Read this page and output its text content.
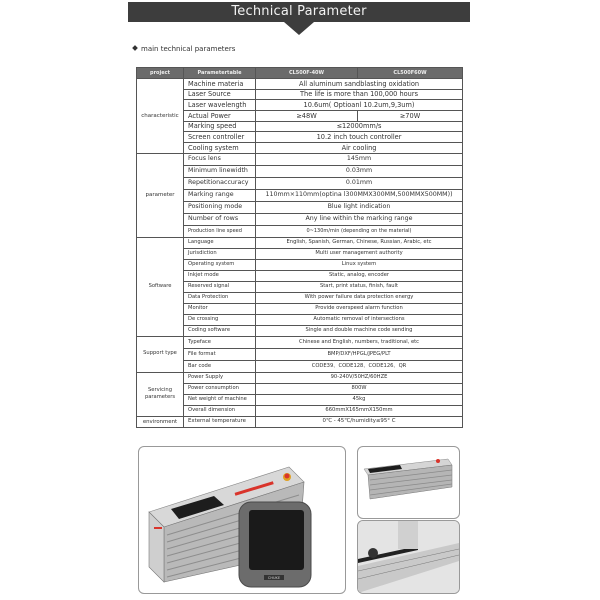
Technical Parameter
main technical parameters
project	Parametertable	CL500F-40W	CL500F60W
characteristic	Machine materia	All aluminum sandblasting oxidation	
	Laser Source	The life is more than 100,000 hours	
	Laser wavelength	10.6um( Optioanl 10.2um,9,3um)	
	Actual Power	≥48W	≥70W
	Marking speed	≤12000mm/s	
	Screen controller	10.2 inch touch controller	
	Cooling system	Air cooling	
parameter	Focus lens	145mm	
	Minimum linewidth	0.03mm	
	Repetitionaccuracy	0.01mm	
	Marking range	110mm×110mm(optina l300MMX300MM,500MMX500MM))	
	Positioning mode	Blue light indication	
	Number of rows	Any line within the marking range	
	Production line speed	0~130m/min (depending on the material)	
Software	Language	English, Spanish, German, Chinese, Russian, Arabic, etc	
	Jurisdiction	Multi user management authority	
	Operating system	Linux system	
	Inkjet mode	Static, analog, encoder	
	Reserved signal	Start, print status, finish, fault	
	Data Protection	With power failure data protection energy	
	Monitor	Provide overspeed alarm function	
	De crossing	Automatic removal of intersections	
	Coding software	Single and double machine code sending	
Support type	Typeface	Chinese and English, numbers, traditional, etc	
	File format	BMP/DXF/HPGL/JPEG/PLT	
	Bar code	CODE39、CODE128、CODE126、QR	
Servicing parameters	Power Supply	90-240V/50HZ/60HZE	
	Power consumption	800W	
	Net weight of machine	45kg	
	Overall dimension	660mmX165mmX150mm	
environment	External temperature	0℃ - 45℃/humidity≤95° C	
CHUKE
